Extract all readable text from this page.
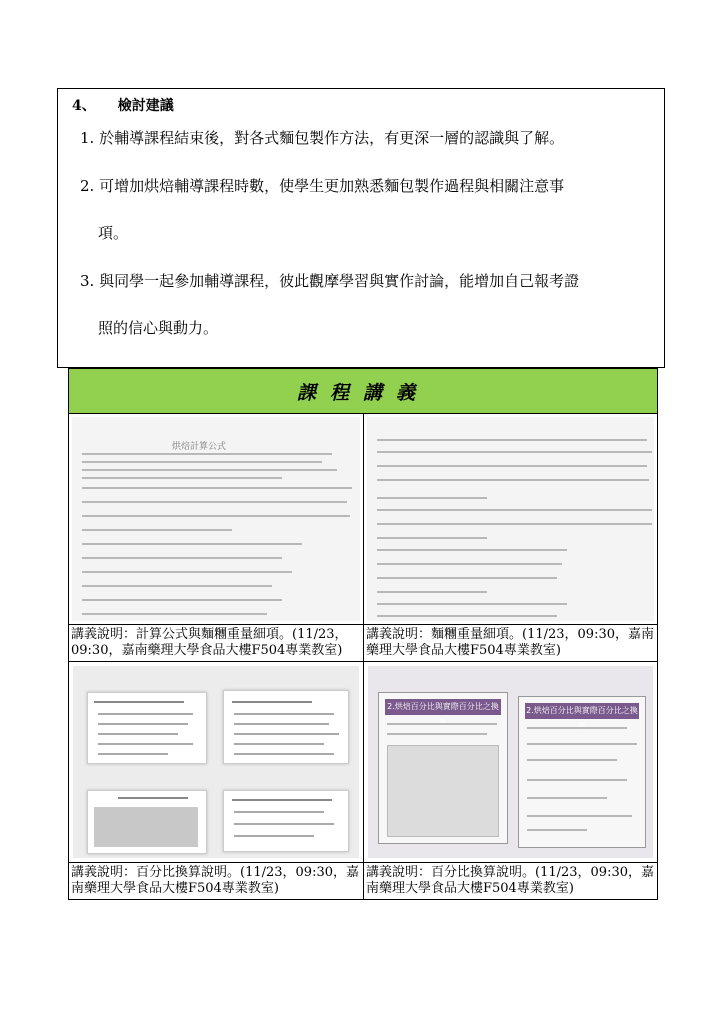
4、 檢討建議
1. 於輔導課程結束後，對各式麵包製作方法，有更深一層的認識與了解。
2. 可增加烘焙輔導課程時數，使學生更加熟悉麵包製作過程與相關注意事
項。
3. 與同學一起參加輔導課程，彼此觀摩學習與實作討論，能增加自己報考證
照的信心與動力。
課程講義
烘焙計算公式
講義說明：計算公式與麵糰重量細項。(11/23，09:30，嘉南藥理大學食品大樓F504專業教室)
講義說明：麵糰重量細項。(11/23，09:30，嘉南藥理大學食品大樓F504專業教室)
2.烘焙百分比與實際百分比之換	2.烘焙百分比與實際百分比之換
講義說明：百分比換算說明。(11/23，09:30，嘉南藥理大學食品大樓F504專業教室)
講義說明：百分比換算說明。(11/23，09:30，嘉南藥理大學食品大樓F504專業教室)
